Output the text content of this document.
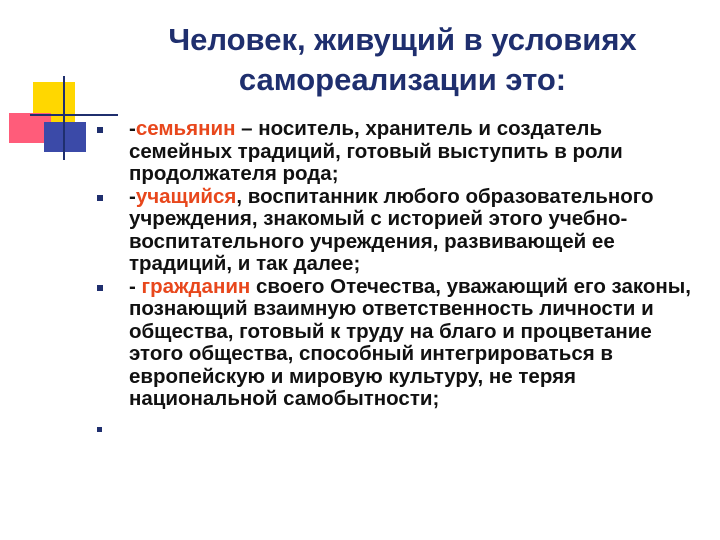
Человек, живущий в условиях
самореализации это:
-семьянин – носитель, хранитель и создатель семейных традиций, готовый выступить в роли продолжателя рода;
-учащийся, воспитанник любого образовательного учреждения, знакомый с историей этого учебно-воспитательного учреждения, развивающей ее традиций, и так далее;
- гражданин своего Отечества, уважающий его законы, познающий взаимную ответственность личности и общества, готовый к труду на благо и процветание этого общества, способный интегрироваться в европейскую и мировую культуру, не теряя национальной самобытности;
